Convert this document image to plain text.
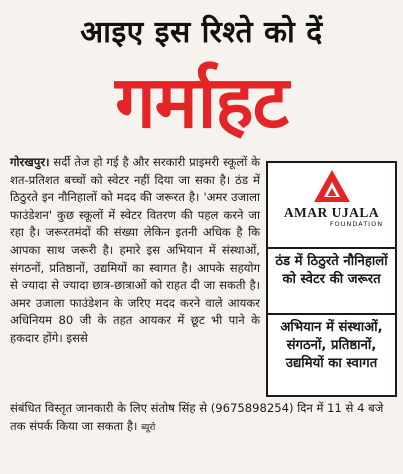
आइए इस रिश्ते को दें
गर्माहट
गोरखपुर। सर्दी तेज हो गई है और सरकारी प्राइमरी स्कूलों के शत-प्रतिशत बच्चों को स्वेटर नहीं दिया जा सका है। ठंड में ठिठुरते इन नौनिहालों को मदद की जरूरत है। 'अमर उजाला फाउंडेशन' कुछ स्कूलों में स्वेटर वितरण की पहल करने जा रहा है। जरूरतमंदों की संख्या लेकिन इतनी अधिक है कि आपका साथ जरूरी है। हमारे इस अभियान में संस्थाओं, संगठनों, प्रतिष्ठानों, उद्यमियों का स्वागत है। आपके सहयोग से ज्यादा से ज्यादा छात्र-छात्राओं को राहत दी जा सकती है। अमर उजाला फाउंडेशन के जरिए मदद करने वाले आयकर अधिनियम 80 जी के तहत आयकर में छूट भी पाने के हकदार होंगे। इससे
संबंधित विस्तृत जानकारी के लिए संतोष सिंह से (9675898254) दिन में 11 से 4 बजे तक संपर्क किया जा सकता है। ब्यूरो
AMAR UJALA
FOUNDATION
ठंड में ठिठुरते नौनिहालों को स्वेटर की जरूरत
अभियान में संस्थाओं, संगठनों, प्रतिष्ठानों, उद्यमियों का स्वागत
